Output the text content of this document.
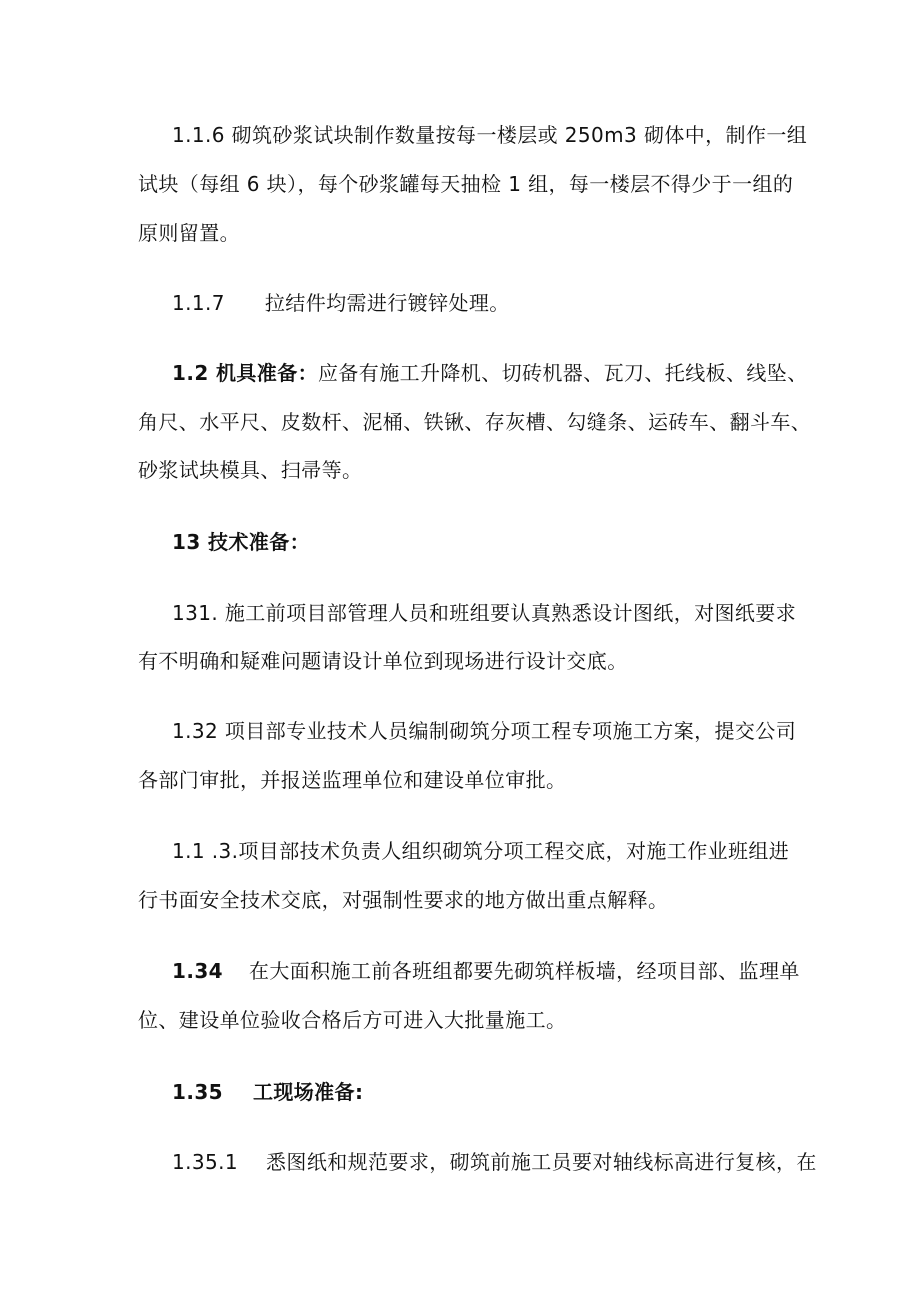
1.1.6 砌筑砂浆试块制作数量按每一楼层或 250m3 砌体中，制作一组
试块（每组 6 块），每个砂浆罐每天抽检 1 组，每一楼层不得少于一组的
原则留置。
1.1.7 拉结件均需进行镀锌处理。
1.2 机具准备：应备有施工升降机、切砖机器、瓦刀、托线板、线坠、
角尺、水平尺、皮数杆、泥桶、铁锹、存灰槽、勾缝条、运砖车、翻斗车、
砂浆试块模具、扫帚等。
13 技术准备：
131. 施工前项目部管理人员和班组要认真熟悉设计图纸，对图纸要求
有不明确和疑难问题请设计单位到现场进行设计交底。
1.32 项目部专业技术人员编制砌筑分项工程专项施工方案，提交公司
各部门审批，并报送监理单位和建设单位审批。
1.1 .3.项目部技术负责人组织砌筑分项工程交底，对施工作业班组进
行书面安全技术交底，对强制性要求的地方做出重点解释。
1.34 在大面积施工前各班组都要先砌筑样板墙，经项目部、监理单
位、建设单位验收合格后方可进入大批量施工。
1.35 工现场准备:
1.35.1 悉图纸和规范要求，砌筑前施工员要对轴线标高进行复核，在
